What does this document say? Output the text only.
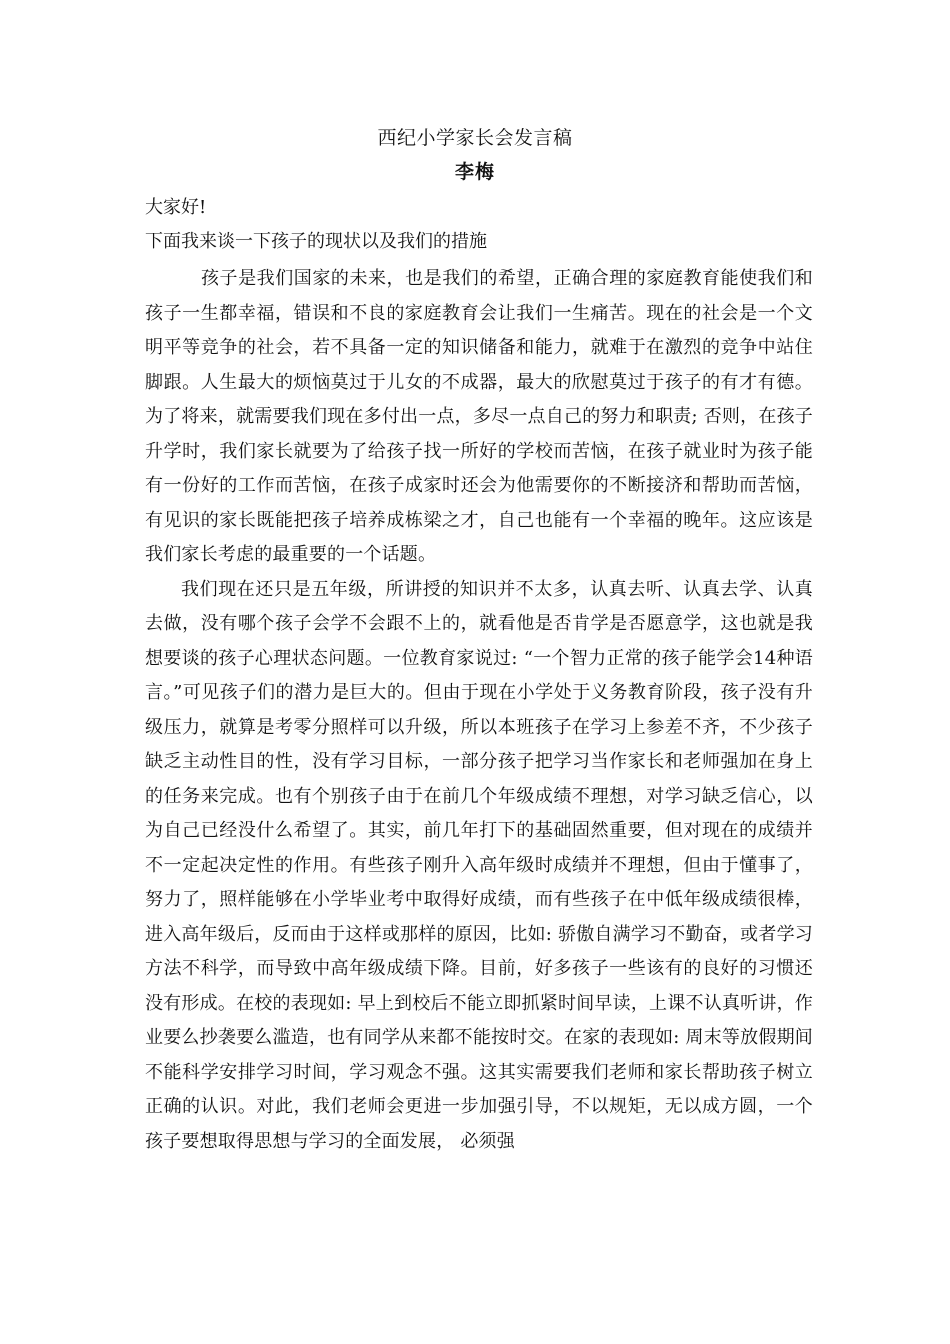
西纪小学家长会发言稿
李梅
大家好!
下面我来谈一下孩子的现状以及我们的措施

孩子是我们国家的未来，也是我们的希望，正确合理的家庭教育能使我们和孩子一生都幸福，错误和不良的家庭教育会让我们一生痛苦。现在的社会是一个文明平等竞争的社会，若不具备一定的知识储备和能力，就难于在激烈的竞争中站住脚跟。人生最大的烦恼莫过于儿女的不成器，最大的欣慰莫过于孩子的有才有德。为了将来，就需要我们现在多付出一点，多尽一点自己的努力和职责; 否则，在孩子升学时，我们家长就要为了给孩子找一所好的学校而苦恼，在孩子就业时为孩子能有一份好的工作而苦恼，在孩子成家时还会为他需要你的不断接济和帮助而苦恼，有见识的家长既能把孩子培养成栋梁之才，自己也能有一个幸福的晚年。这应该是我们家长考虑的最重要的一个话题。

我们现在还只是五年级，所讲授的知识并不太多，认真去听、认真去学、认真去做，没有哪个孩子会学不会跟不上的，就看他是否肯学是否愿意学，这也就是我想要谈的孩子心理状态问题。一位教育家说过: “一个智力正常的孩子能学会14种语言。”可见孩子们的潜力是巨大的。但由于现在小学处于义务教育阶段，孩子没有升级压力，就算是考零分照样可以升级，所以本班孩子在学习上参差不齐，不少孩子缺乏主动性目的性，没有学习目标，一部分孩子把学习当作家长和老师强加在身上的任务来完成。也有个别孩子由于在前几个年级成绩不理想，对学习缺乏信心，以为自己已经没什么希望了。其实，前几年打下的基础固然重要，但对现在的成绩并不一定起决定性的作用。有些孩子刚升入高年级时成绩并不理想，但由于懂事了，努力了，照样能够在小学毕业考中取得好成绩，而有些孩子在中低年级成绩很棒，进入高年级后，反而由于这样或那样的原因，比如: 骄傲自满学习不勤奋，或者学习方法不科学，而导致中高年级成绩下降。目前，好多孩子一些该有的良好的习惯还没有形成。在校的表现如: 早上到校后不能立即抓紧时间早读，上课不认真听讲，作业要么抄袭要么滥造，也有同学从来都不能按时交。在家的表现如: 周末等放假期间不能科学安排学习时间，学习观念不强。这其实需要我们老师和家长帮助孩子树立正确的认识。对此，我们老师会更进一步加强引导，不以规矩，无以成方圆，一个孩子要想取得思想与学习的全面发展， 必须强
